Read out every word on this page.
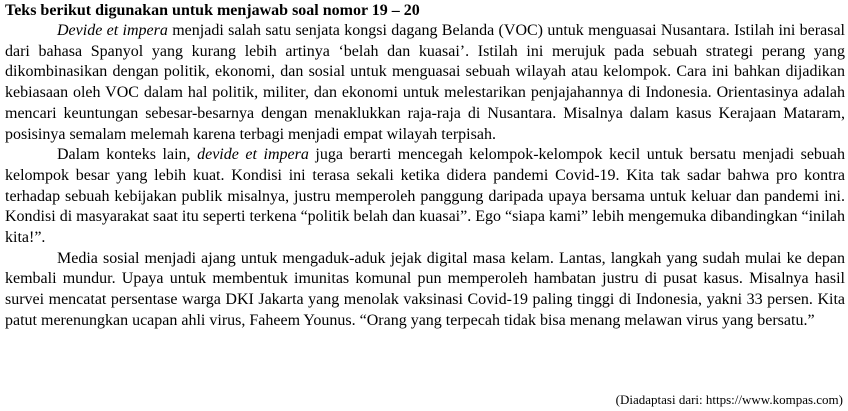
Teks berikut digunakan untuk menjawab soal nomor 19 – 20

Devide et impera menjadi salah satu senjata kongsi dagang Belanda (VOC) untuk menguasai Nusantara. Istilah ini berasal dari bahasa Spanyol yang kurang lebih artinya ‘belah dan kuasai’. Istilah ini merujuk pada sebuah strategi perang yang dikombinasikan dengan politik, ekonomi, dan sosial untuk menguasai sebuah wilayah atau kelompok. Cara ini bahkan dijadikan kebiasaan oleh VOC dalam hal politik, militer, dan ekonomi untuk melestarikan penjajahannya di Indonesia. Orientasinya adalah mencari keuntungan sebesar-besarnya dengan menaklukkan raja-raja di Nusantara. Misalnya dalam kasus Kerajaan Mataram, posisinya semalam melemah karena terbagi menjadi empat wilayah terpisah.

Dalam konteks lain, devide et impera juga berarti mencegah kelompok-kelompok kecil untuk bersatu menjadi sebuah kelompok besar yang lebih kuat. Kondisi ini terasa sekali ketika didera pandemi Covid-19. Kita tak sadar bahwa pro kontra terhadap sebuah kebijakan publik misalnya, justru memperoleh panggung daripada upaya bersama untuk keluar dan pandemi ini. Kondisi di masyarakat saat itu seperti terkena “politik belah dan kuasai”. Ego “siapa kami” lebih mengemuka dibandingkan “inilah kita!”.

Media sosial menjadi ajang untuk mengaduk-aduk jejak digital masa kelam. Lantas, langkah yang sudah mulai ke depan kembali mundur. Upaya untuk membentuk imunitas komunal pun memperoleh hambatan justru di pusat kasus. Misalnya hasil survei mencatat persentase warga DKI Jakarta yang menolak vaksinasi Covid-19 paling tinggi di Indonesia, yakni 33 persen. Kita patut merenungkan ucapan ahli virus, Faheem Younus. “Orang yang terpecah tidak bisa menang melawan virus yang bersatu.”

(Diadaptasi dari: https://www.kompas.com)
